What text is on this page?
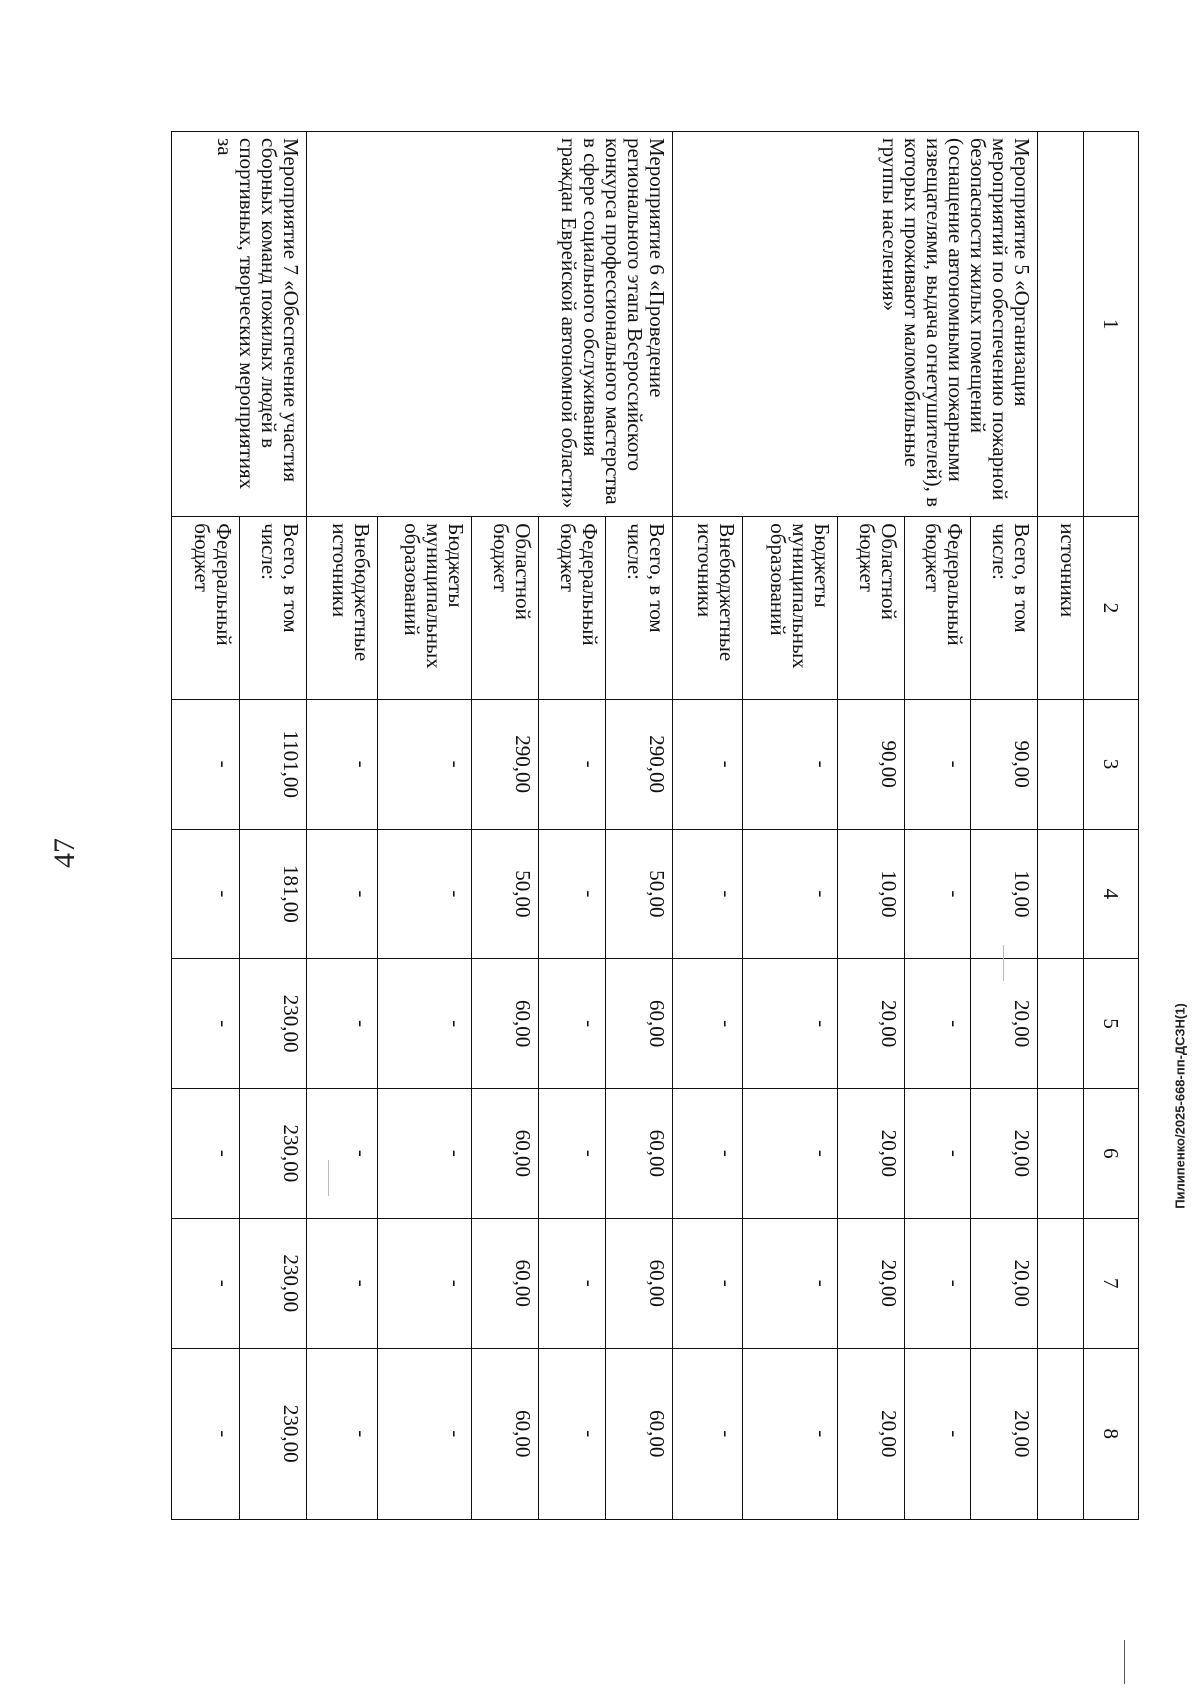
47
1	2	3	4	5	6	7	8
	источники						
Мероприятие 5 «Организация мероприятий по обеспечению пожарной безопасности жилых помещений (оснащение автономными пожарными извещателями, выдача огнетушителей), в которых проживают маломобильные группы населения»	Всего, в том числе:	90,00	10,00	20,00	20,00	20,00	20,00
	Федеральный бюджет	-	-	-	-	-	-
	Областной бюджет	90,00	10,00	20,00	20,00	20,00	20,00
	Бюджеты муниципальных образований	-	-	-	-	-	-
	Внебюджетные источники	-	-	-	-	-	-
Мероприятие 6 «Проведение регионального этапа Всероссийского конкурса профессионального мастерства в сфере социального обслуживания граждан Еврейской автономной области»	Всего, в том числе:	290,00	50,00	60,00	60,00	60,00	60,00
	Федеральный бюджет	-	-	-	-	-	-
	Областной бюджет	290,00	50,00	60,00	60,00	60,00	60,00
	Бюджеты муниципальных образований	-	-	-	-	-	-
	Внебюджетные источники	-	-	-	-	-	-
Мероприятие 7 «Обеспечение участия сборных команд пожилых людей в спортивных, творческих мероприятиях за	Всего, в том числе:	1101,00	181,00	230,00	230,00	230,00	230,00
	Федеральный бюджет	-	-	-	-	-	-
Пилипенко/2025-668-пп-ДСЗН(1)
